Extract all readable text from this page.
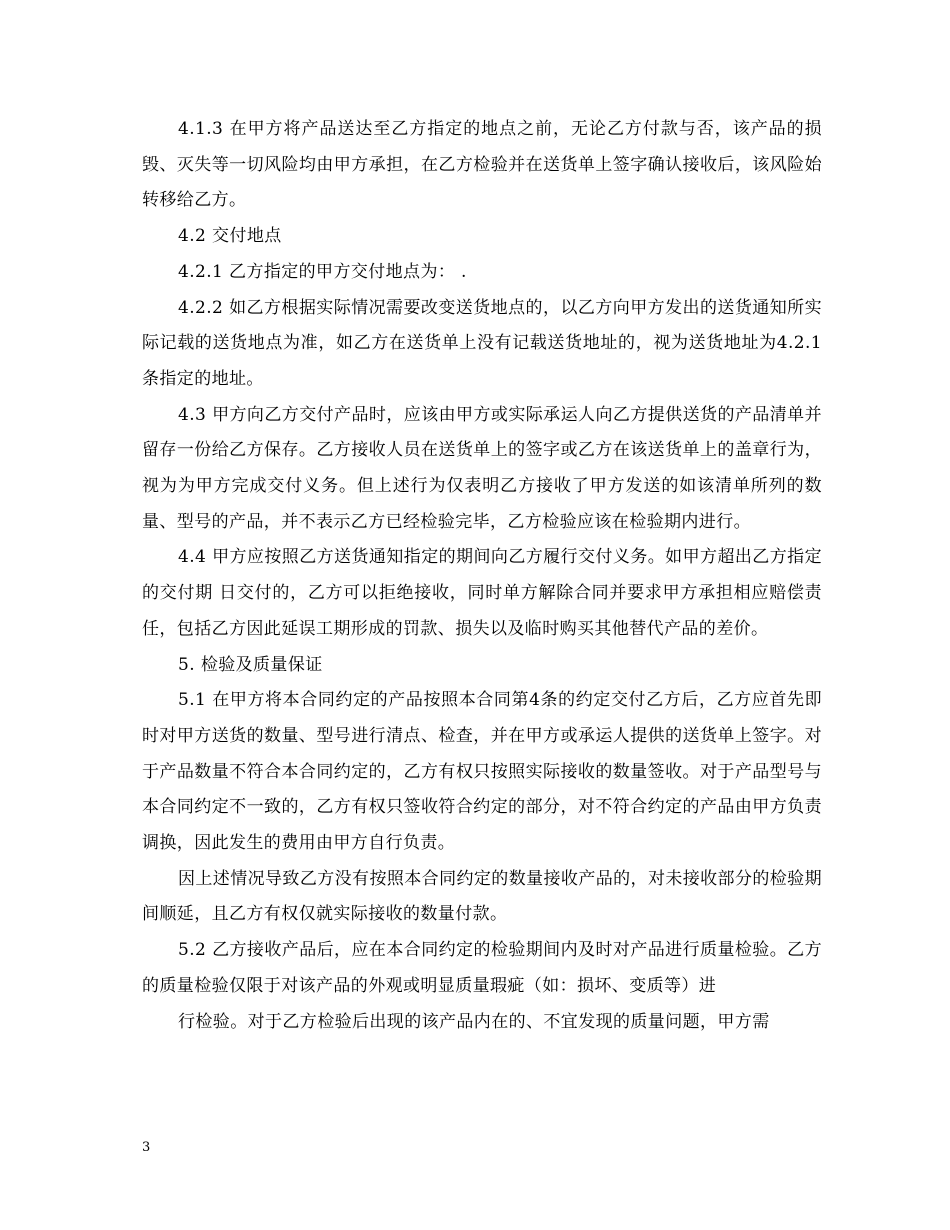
4.1.3 在甲方将产品送达至乙方指定的地点之前，无论乙方付款与否，该产品的损毁、灭失等一切风险均由甲方承担，在乙方检验并在送货单上签字确认接收后，该风险始转移给乙方。

4.2 交付地点

4.2.1 乙方指定的甲方交付地点为： .

4.2.2 如乙方根据实际情况需要改变送货地点的，以乙方向甲方发出的送货通知所实际记载的送货地点为准，如乙方在送货单上没有记载送货地址的，视为送货地址为4.2.1条指定的地址。

4.3 甲方向乙方交付产品时，应该由甲方或实际承运人向乙方提供送货的产品清单并留存一份给乙方保存。乙方接收人员在送货单上的签字或乙方在该送货单上的盖章行为，视为为甲方完成交付义务。但上述行为仅表明乙方接收了甲方发送的如该清单所列的数量、型号的产品，并不表示乙方已经检验完毕，乙方检验应该在检验期内进行。

4.4 甲方应按照乙方送货通知指定的期间向乙方履行交付义务。如甲方超出乙方指定的交付期 日交付的，乙方可以拒绝接收，同时单方解除合同并要求甲方承担相应赔偿责任，包括乙方因此延误工期形成的罚款、损失以及临时购买其他替代产品的差价。

5. 检验及质量保证

5.1 在甲方将本合同约定的产品按照本合同第4条的约定交付乙方后，乙方应首先即时对甲方送货的数量、型号进行清点、检查，并在甲方或承运人提供的送货单上签字。对于产品数量不符合本合同约定的，乙方有权只按照实际接收的数量签收。对于产品型号与本合同约定不一致的，乙方有权只签收符合约定的部分，对不符合约定的产品由甲方负责调换，因此发生的费用由甲方自行负责。

因上述情况导致乙方没有按照本合同约定的数量接收产品的，对未接收部分的检验期间顺延，且乙方有权仅就实际接收的数量付款。

5.2 乙方接收产品后，应在本合同约定的检验期间内及时对产品进行质量检验。乙方的质量检验仅限于对该产品的外观或明显质量瑕疵（如：损坏、变质等）进

行检验。对于乙方检验后出现的该产品内在的、不宜发现的质量问题，甲方需

3
